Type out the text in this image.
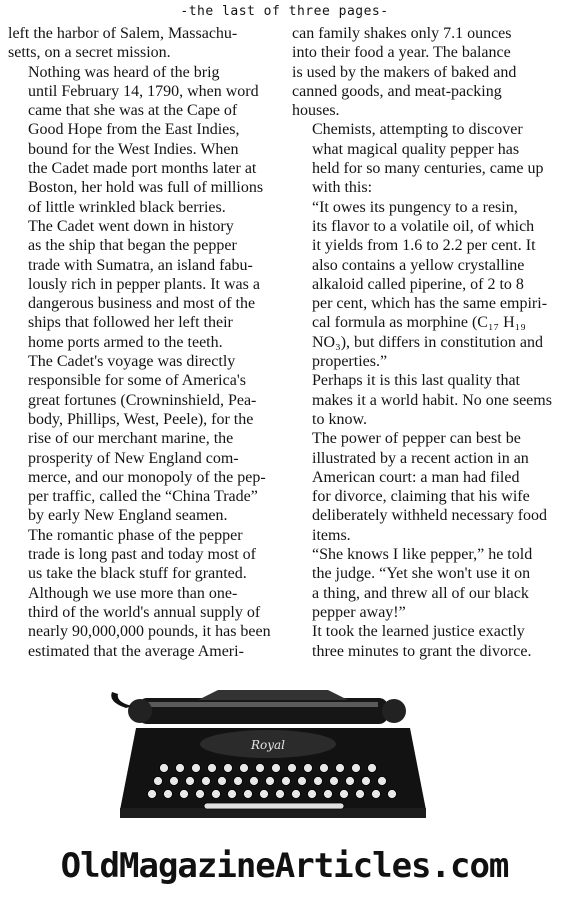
-the last of three pages-

left the harbor of Salem, Massachu-
setts, on a secret mission.

Nothing was heard of the brig
until February 14, 1790, when word
came that she was at the Cape of
Good Hope from the East Indies,
bound for the West Indies. When
the Cadet made port months later at
Boston, her hold was full of millions
of little wrinkled black berries.

The Cadet went down in history
as the ship that began the pepper
trade with Sumatra, an island fabu-
lously rich in pepper plants. It was a
dangerous business and most of the
ships that followed her left their
home ports armed to the teeth.

The Cadet's voyage was directly
responsible for some of America's
great fortunes (Crowninshield, Pea-
body, Phillips, West, Peele), for the
rise of our merchant marine, the
prosperity of New England com-
merce, and our monopoly of the pep-
per traffic, called the “China Trade”
by early New England seamen.

The romantic phase of the pepper
trade is long past and today most of
us take the black stuff for granted.
Although we use more than one-
third of the world's annual supply of
nearly 90,000,000 pounds, it has been
estimated that the average Ameri-

can family shakes only 7.1 ounces
into their food a year. The balance
is used by the makers of baked and
canned goods, and meat-packing
houses.

Chemists, attempting to discover
what magical quality pepper has
held for so many centuries, came up
with this:

“It owes its pungency to a resin,
its flavor to a volatile oil, of which
it yields from 1.6 to 2.2 per cent. It
also contains a yellow crystalline
alkaloid called piperine, of 2 to 8
per cent, which has the same empiri-
cal formula as morphine (C₁₇ H₁₉
NO₃), but differs in constitution and
properties.”

Perhaps it is this last quality that
makes it a world habit. No one seems
to know.

The power of pepper can best be
illustrated by a recent action in an
American court: a man had filed
for divorce, claiming that his wife
deliberately withheld necessary food
items.

“She knows I like pepper,” he told
the judge. “Yet she won't use it on
a thing, and threw all of our black
pepper away!”

It took the learned justice exactly
three minutes to grant the divorce.

Royal
OldMagazineArticles.com
